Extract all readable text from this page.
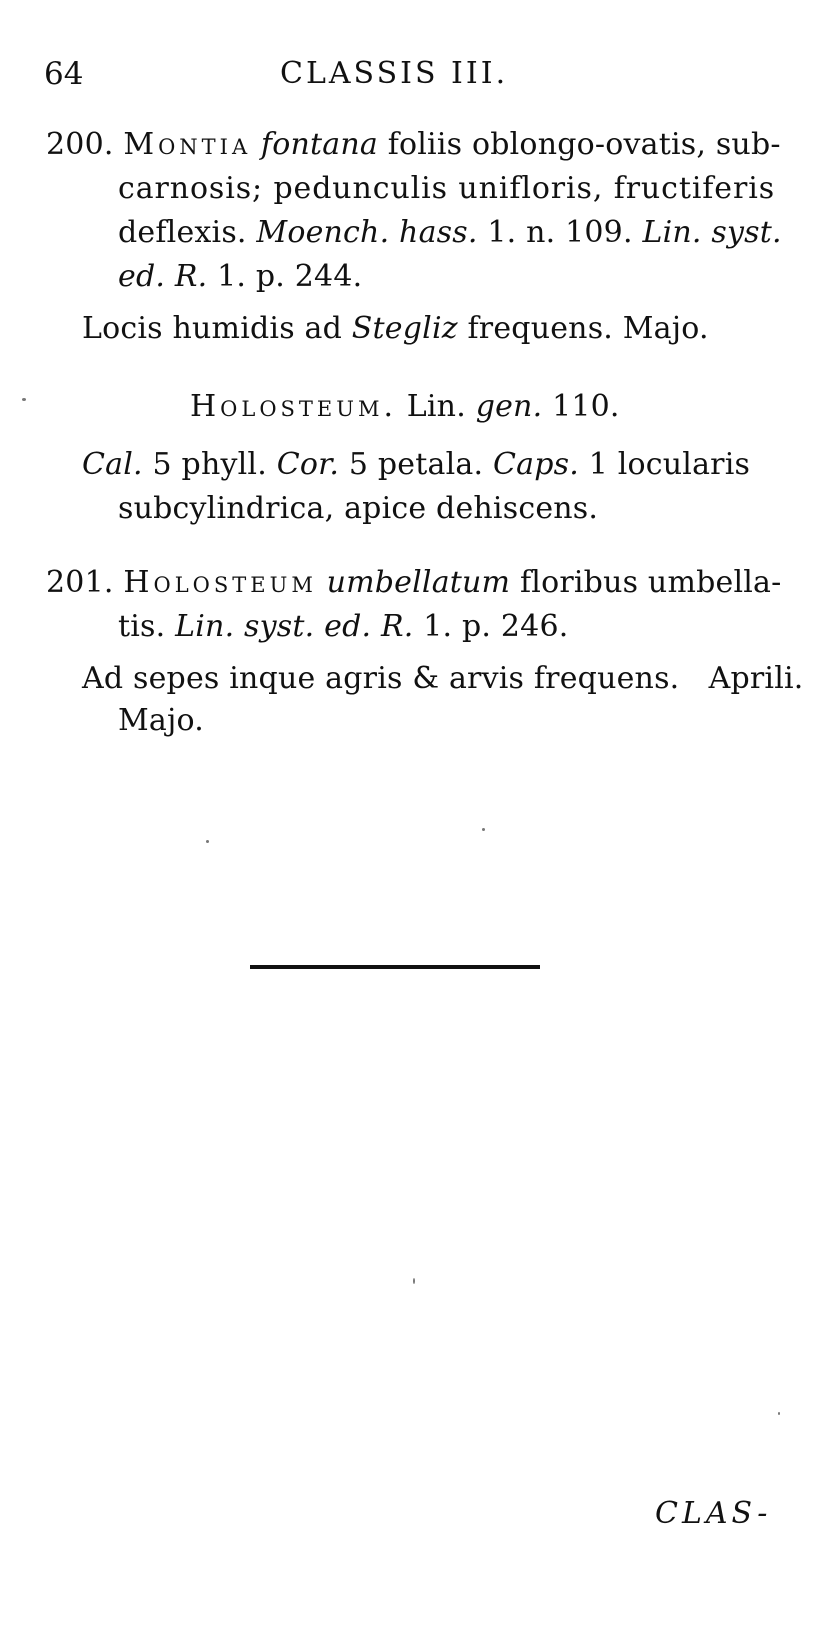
64	CLASSIS III.
200. Montia fontana foliis oblongo-ovatis, sub-
carnosis; pedunculis unifloris, fructiferis
deflexis. Moench. hass. 1. n. 109. Lin. syst.
ed. R. 1. p. 244.
Locis humidis ad Stegliz frequens. Majo.
Holosteum. Lin. gen. 110.
Cal. 5 phyll. Cor. 5 petala. Caps. 1 locularis
subcylindrica, apice dehiscens.
201. Holosteum umbellatum floribus umbella-
tis. Lin. syst. ed. R. 1. p. 246.
Ad sepes inque agris & arvis frequens.   Aprili.
Majo.
CLAS-
